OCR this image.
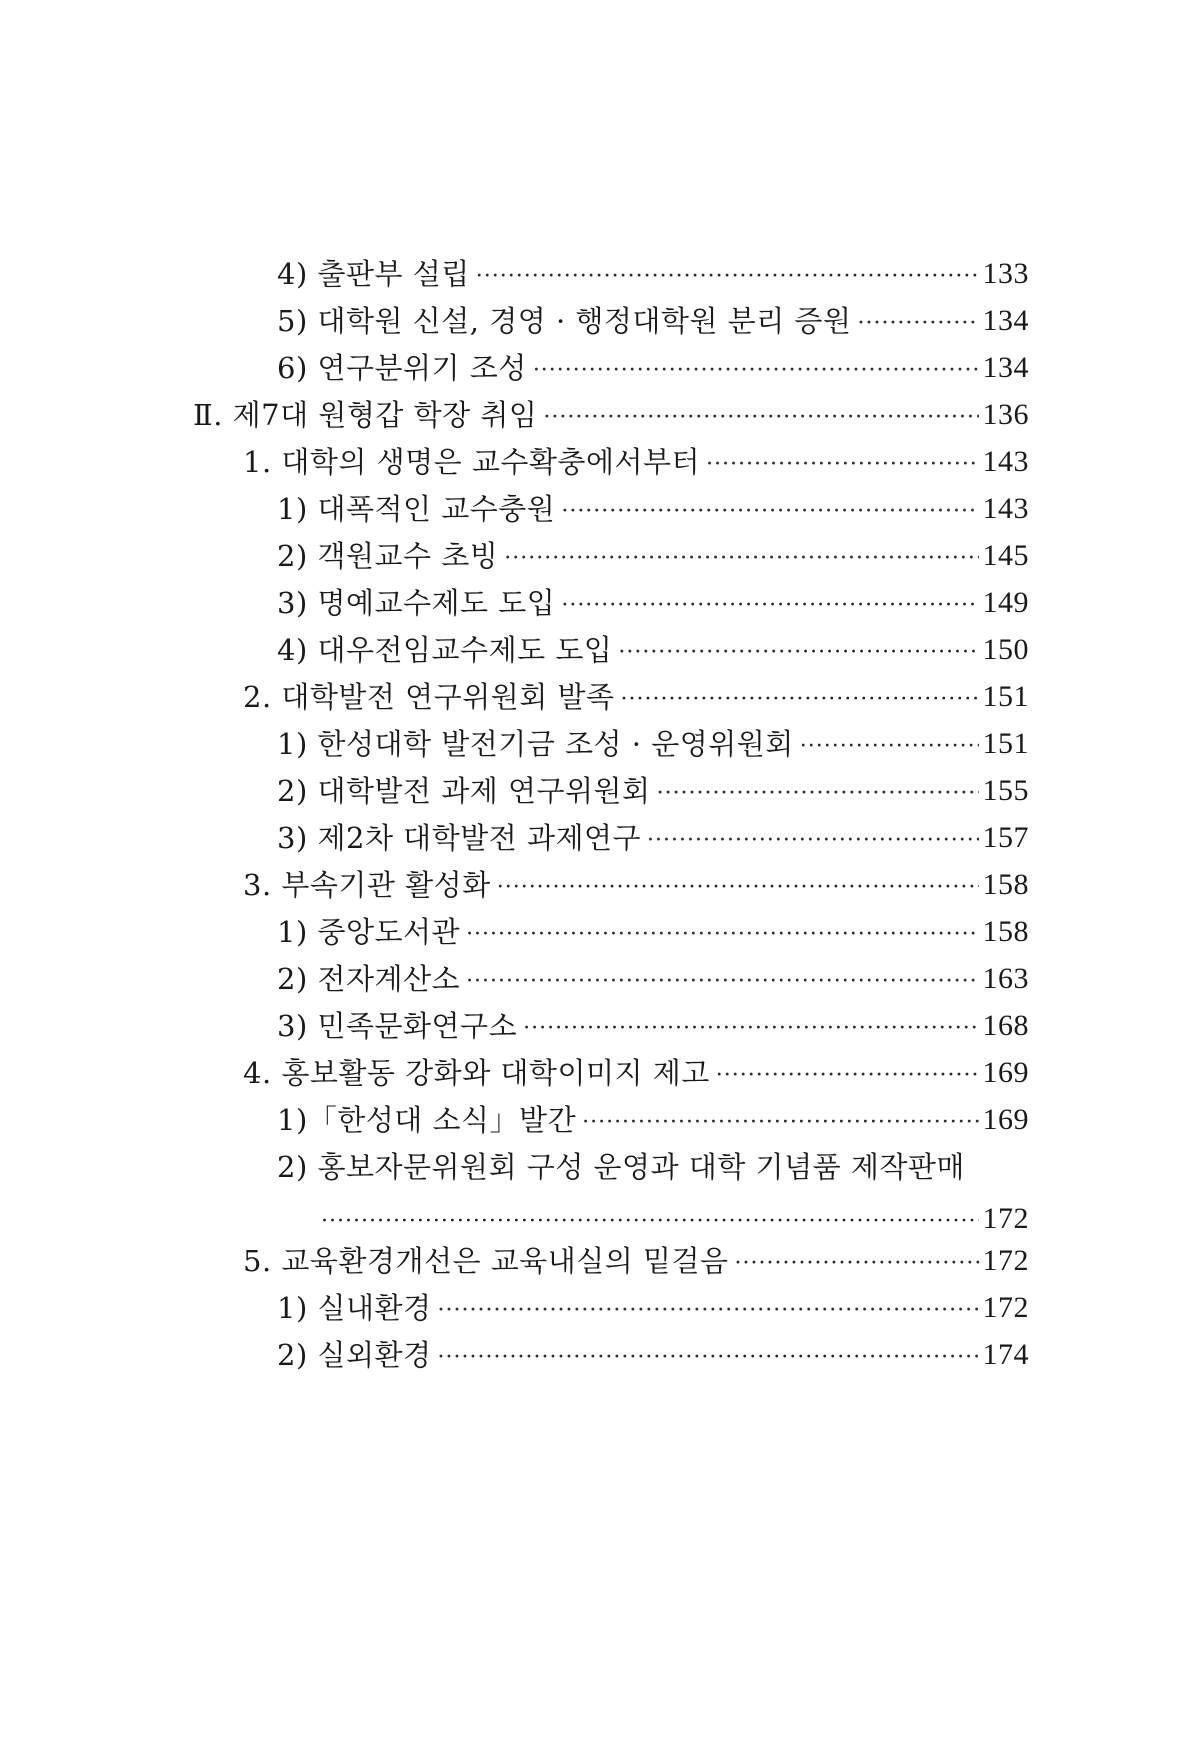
4) 출판부 설립 ·····	133
5) 대학원 신설, 경영 · 행정대학원 분리 증원 ·····	134
6) 연구분위기 조성 ·····	134
Ⅱ. 제7대 원형갑 학장 취임 ·····	136
1. 대학의 생명은 교수확충에서부터 ·····	143
1) 대폭적인 교수충원 ·····	143
2) 객원교수 초빙 ·····	145
3) 명예교수제도 도입 ·····	149
4) 대우전임교수제도 도입 ·····	150
2. 대학발전 연구위원회 발족 ·····	151
1) 한성대학 발전기금 조성 · 운영위원회 ·····	151
2) 대학발전 과제 연구위원회 ·····	155
3) 제2차 대학발전 과제연구 ·····	157
3. 부속기관 활성화 ·····	158
1) 중앙도서관 ·····	158
2) 전자계산소 ·····	163
3) 민족문화연구소 ·····	168
4. 홍보활동 강화와 대학이미지 제고 ·····	169
1)「한성대 소식」발간 ·····	169
2) 홍보자문위원회 구성 운영과 대학 기념품 제작판매
·····
172
5. 교육환경개선은 교육내실의 밑걸음 ·····	172
1) 실내환경 ·····	172
2) 실외환경 ·····	174
